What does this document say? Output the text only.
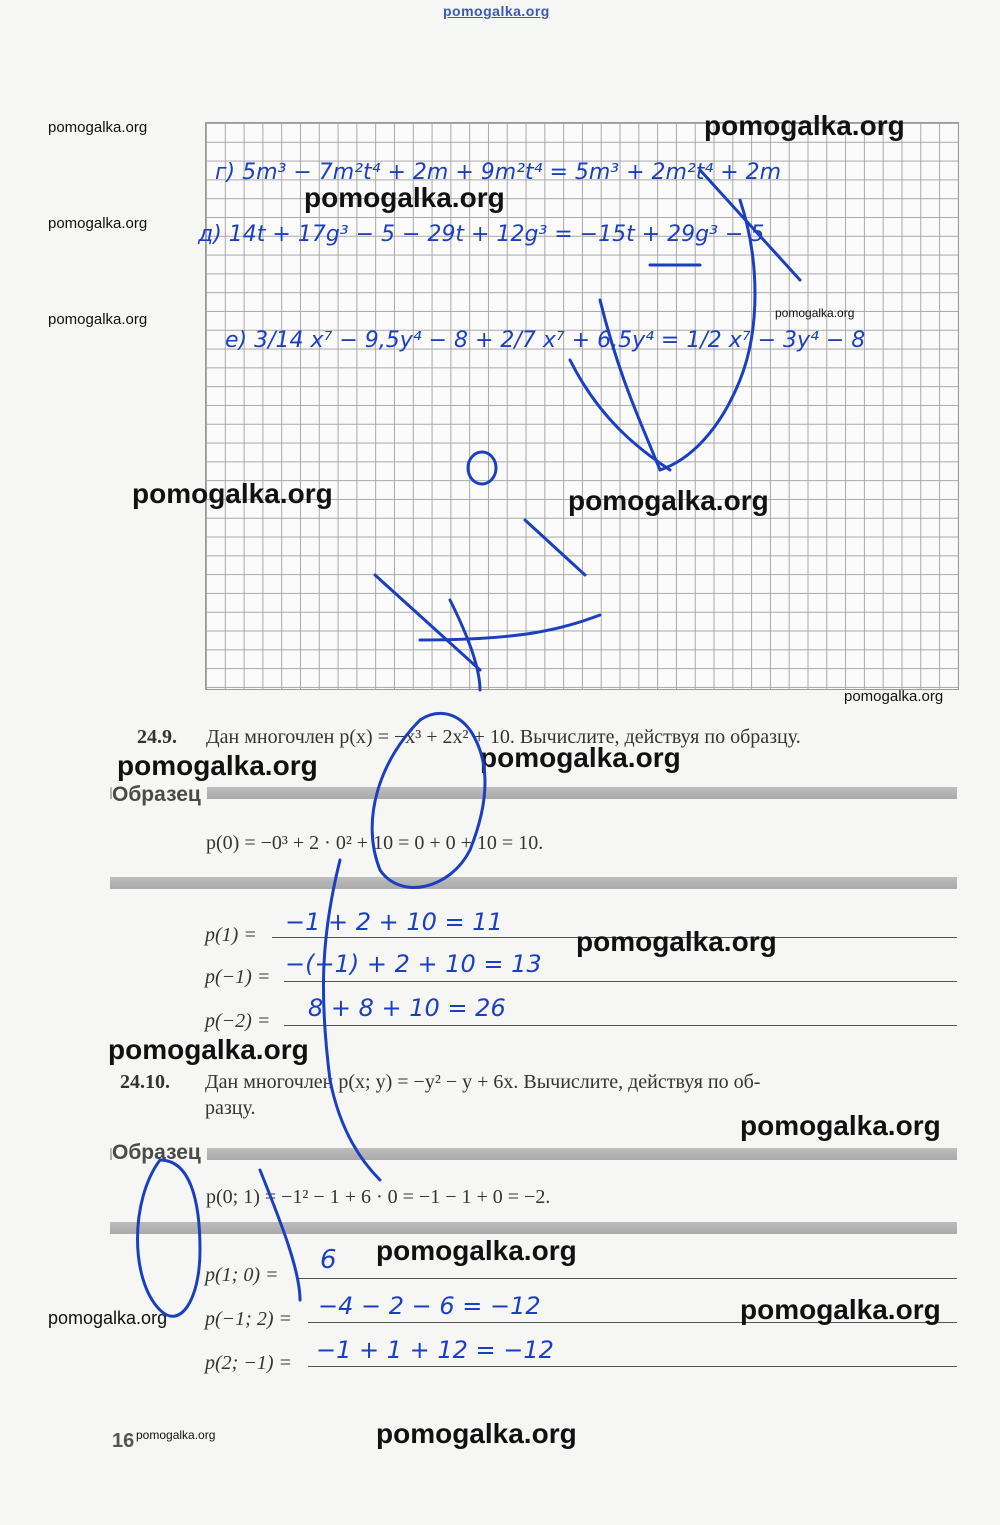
pomogalka.org
г) 5m³ − 7m²t⁴ + 2m + 9m²t⁴ = 5m³ + 2m²t⁴ + 2m
д) 14t + 17g³ − 5 − 29t + 12g³ = −15t + 29g³ − 5
е) 3/14 x⁷ − 9,5y⁴ − 8 + 2/7 x⁷ + 6,5y⁴ = 1/2 x⁷ − 3y⁴ − 8
pomogalka.org	pomogalka.org
pomogalka.org
pomogalka.org
pomogalka.org	pomogalka.org
pomogalka.org	pomogalka.org
pomogalka.org
24.9. Дан многочлен p(x) = −x³ + 2x² + 10. Вычислите, действуя по образцу.
pomogalka.org	pomogalka.org
Образец
p(0) = −0³ + 2 · 0² + 10 = 0 + 0 + 10 = 10.
p(1) = −1 + 2 + 10 = 11
pomogalka.org
p(−1) = −(−1) + 2 + 10 = 13
p(−2) = 8 + 8 + 10 = 26
pomogalka.org
24.10. Дан многочлен p(x; y) = −y² − y + 6x. Вычислите, действуя по об-
разцу.
pomogalka.org
Образец
p(0; 1) = −1² − 1 + 6 · 0 = −1 − 1 + 0 = −2.
pomogalka.org
p(1; 0) = 6
pomogalka.org p(−1; 2) = −4 − 2 − 6 = −12	pomogalka.org
p(2; −1) = −1 + 1 + 12 = −12
16 pomogalka.org	pomogalka.org
